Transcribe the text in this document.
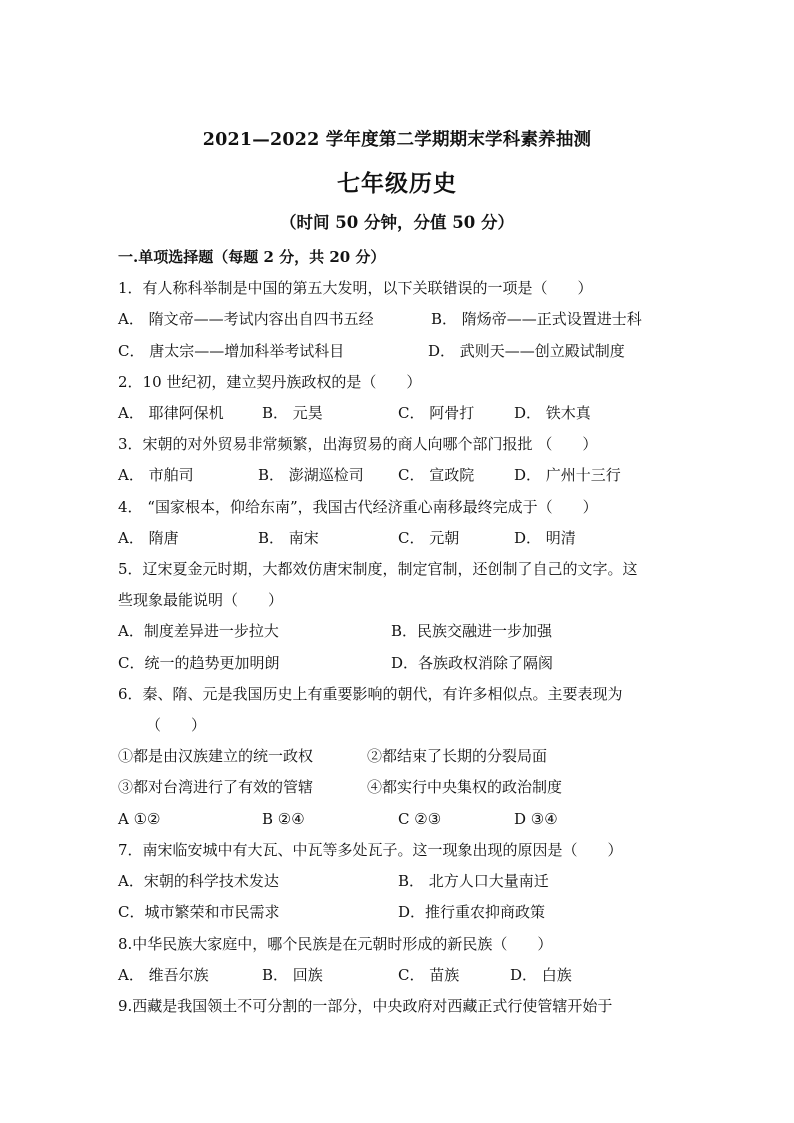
2021—2022 学年度第二学期期末学科素养抽测
七年级历史
（时间 50 分钟，分值 50 分）
一.单项选择题（每题 2 分，共 20 分）
1．有人称科举制是中国的第五大发明，以下关联错误的一项是（　　）
A． 隋文帝——考试内容出自四书五经	B． 隋炀帝——正式设置进士科
C． 唐太宗——增加科举考试科目	D． 武则天——创立殿试制度
2．10 世纪初，建立契丹族政权的是（　　）
A． 耶律阿保机	B． 元昊	C． 阿骨打	D． 铁木真
3．宋朝的对外贸易非常频繁，出海贸易的商人向哪个部门报批 （　　）
A． 市舶司	B． 澎湖巡检司 C． 宣政院	D． 广州十三行
4． “国家根本，仰给东南”，我国古代经济重心南移最终完成于（　　）
A． 隋唐	B． 南宋	C． 元朝	D． 明清
5．辽宋夏金元时期，大都效仿唐宋制度，制定官制，还创制了自己的文字。这
些现象最能说明（　　）
A．制度差异进一步拉大	B．民族交融进一步加强
C．统一的趋势更加明朗	D．各族政权消除了隔阂
6．秦、隋、元是我国历史上有重要影响的朝代，有许多相似点。主要表现为
（　　）
①都是由汉族建立的统一政权	②都结束了长期的分裂局面
③都对台湾进行了有效的管辖	④都实行中央集权的政治制度
A ①②	B ②④	C ②③	D ③④
7．南宋临安城中有大瓦、中瓦等多处瓦子。这一现象出现的原因是（　　）
A．宋朝的科学技术发达	B． 北方人口大量南迁
C．城市繁荣和市民需求	D．推行重农抑商政策
8.中华民族大家庭中，哪个民族是在元朝时形成的新民族（　　）
A． 维吾尔族	B． 回族	C． 苗族	D． 白族
9.西藏是我国领土不可分割的一部分，中央政府对西藏正式行使管辖开始于
